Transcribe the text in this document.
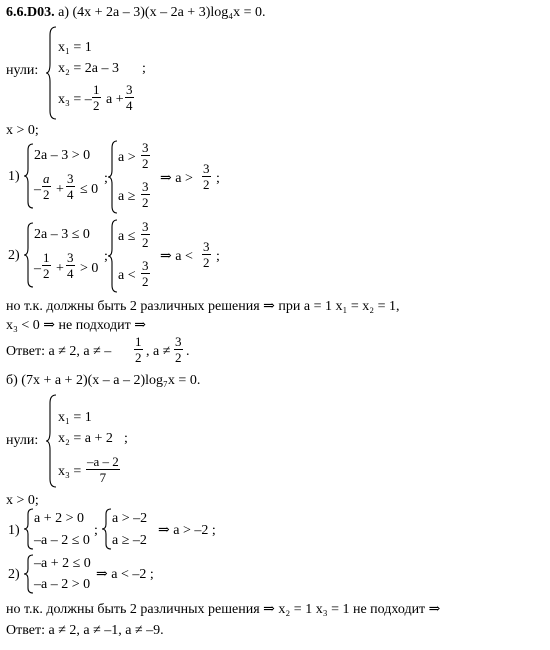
6.6.D03. а) (4x + 2a – 3)(x – 2a + 3)log₄x = 0.
нули:
x₁ = 1
x₂ = 2a – 3 ;
x₃ = –
1
2 a +
3
4
x > 0;
1)
2a – 3 > 0
–
a
2 +
3
4 ≤ 0
;
a >
3
2
a ≥
3
2
⇒ a >
3
2 ;
2)
2a – 3 ≤ 0
–
1
2 +
3
4 > 0
;
a ≤
3
2
a <
3
2
⇒ a <
3
2 ;
но т.к. должны быть 2 различных решения ⇒ при a = 1 x₁ = x₂ = 1,
x₃ < 0 ⇒ не подходит ⇒
Ответ: a ≠ 2, a ≠ –
1
2 , a ≠
3
2 .
б) (7x + a + 2)(x – a – 2)log₇x = 0.
нули:
x₁ = 1
x₂ = a + 2 ;
x₃ =
–a – 2
7
x > 0;
1)
a + 2 > 0
–a – 2 ≤ 0
;
a > –2
a ≥ –2
⇒ a > –2 ;
2)
–a + 2 ≤ 0
–a – 2 > 0
⇒ a < –2 ;
но т.к. должны быть 2 различных решения ⇒ x₂ = 1 x₃ = 1 не подходит ⇒
Ответ: a ≠ 2, a ≠ –1, a ≠ –9.
